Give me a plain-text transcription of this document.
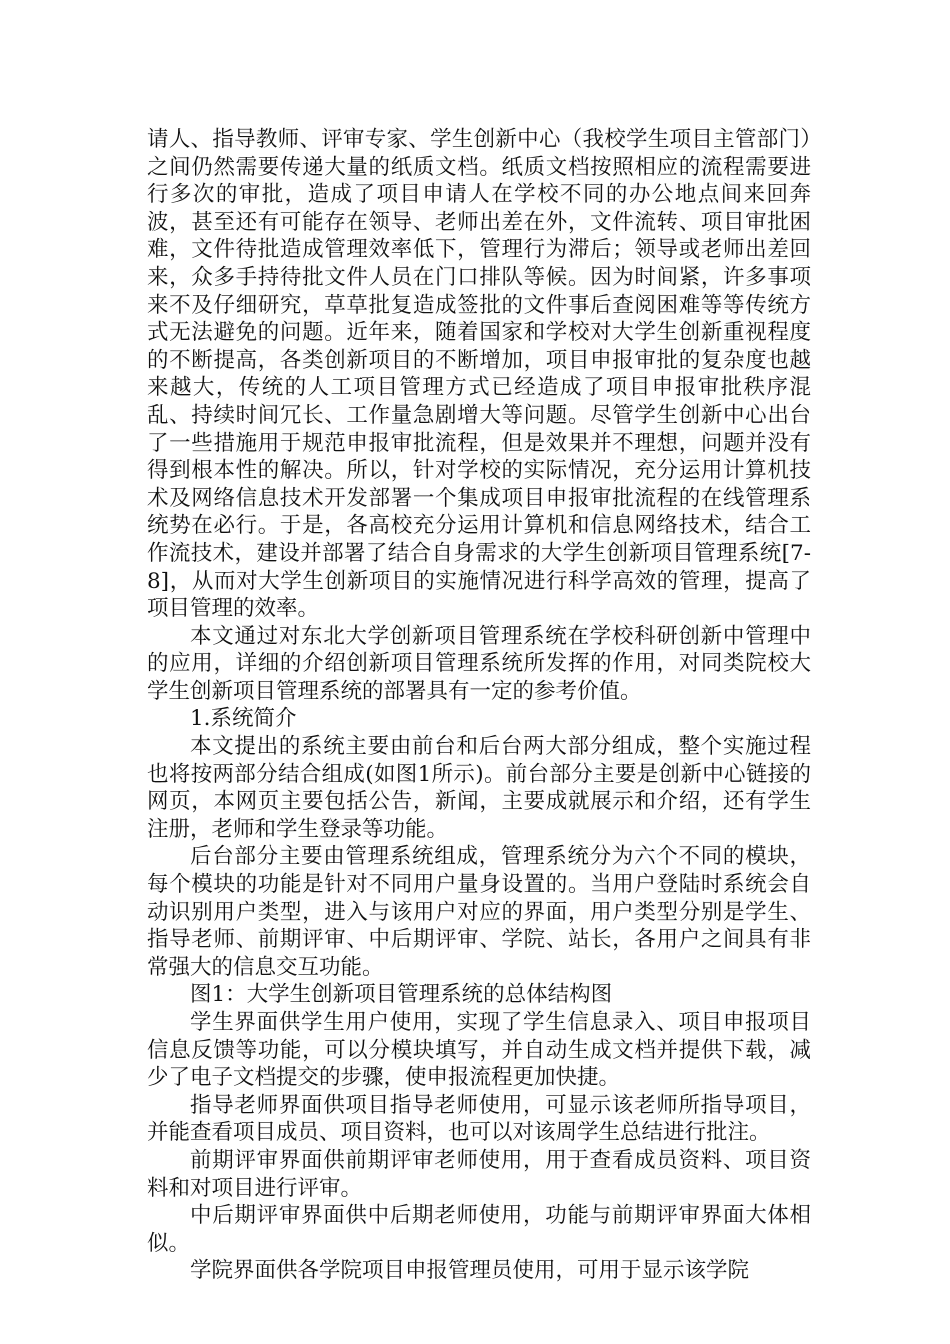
请人、指导教师、评审专家、学生创新中心（我校学生项目主管部门）之间仍然需要传递大量的纸质文档。纸质文档按照相应的流程需要进行多次的审批，造成了项目申请人在学校不同的办公地点间来回奔波，甚至还有可能存在领导、老师出差在外，文件流转、项目审批困难，文件待批造成管理效率低下，管理行为滞后；领导或老师出差回来，众多手持待批文件人员在门口排队等候。因为时间紧，许多事项来不及仔细研究，草草批复造成签批的文件事后查阅困难等等传统方式无法避免的问题。近年来，随着国家和学校对大学生创新重视程度的不断提高，各类创新项目的不断增加，项目申报审批的复杂度也越来越大，传统的人工项目管理方式已经造成了项目申报审批秩序混乱、持续时间冗长、工作量急剧增大等问题。尽管学生创新中心出台了一些措施用于规范申报审批流程，但是效果并不理想，问题并没有得到根本性的解决。所以，针对学校的实际情况，充分运用计算机技术及网络信息技术开发部署一个集成项目申报审批流程的在线管理系统势在必行。于是，各高校充分运用计算机和信息网络技术，结合工作流技术，建设并部署了结合自身需求的大学生创新项目管理系统[7-8]，从而对大学生创新项目的实施情况进行科学高效的管理，提高了项目管理的效率。

本文通过对东北大学创新项目管理系统在学校科研创新中管理中的应用，详细的介绍创新项目管理系统所发挥的作用，对同类院校大学生创新项目管理系统的部署具有一定的参考价值。

1.系统简介

本文提出的系统主要由前台和后台两大部分组成，整个实施过程也将按两部分结合组成(如图1所示)。前台部分主要是创新中心链接的网页，本网页主要包括公告，新闻，主要成就展示和介绍，还有学生注册，老师和学生登录等功能。

后台部分主要由管理系统组成，管理系统分为六个不同的模块，每个模块的功能是针对不同用户量身设置的。当用户登陆时系统会自动识别用户类型，进入与该用户对应的界面，用户类型分别是学生、指导老师、前期评审、中后期评审、学院、站长，各用户之间具有非常强大的信息交互功能。

图1：大学生创新项目管理系统的总体结构图

学生界面供学生用户使用，实现了学生信息录入、项目申报项目信息反馈等功能，可以分模块填写，并自动生成文档并提供下载，减少了电子文档提交的步骤，使申报流程更加快捷。

指导老师界面供项目指导老师使用，可显示该老师所指导项目，并能查看项目成员、项目资料，也可以对该周学生总结进行批注。

前期评审界面供前期评审老师使用，用于查看成员资料、项目资料和对项目进行评审。

中后期评审界面供中后期老师使用，功能与前期评审界面大体相似。

学院界面供各学院项目申报管理员使用，可用于显示该学院
